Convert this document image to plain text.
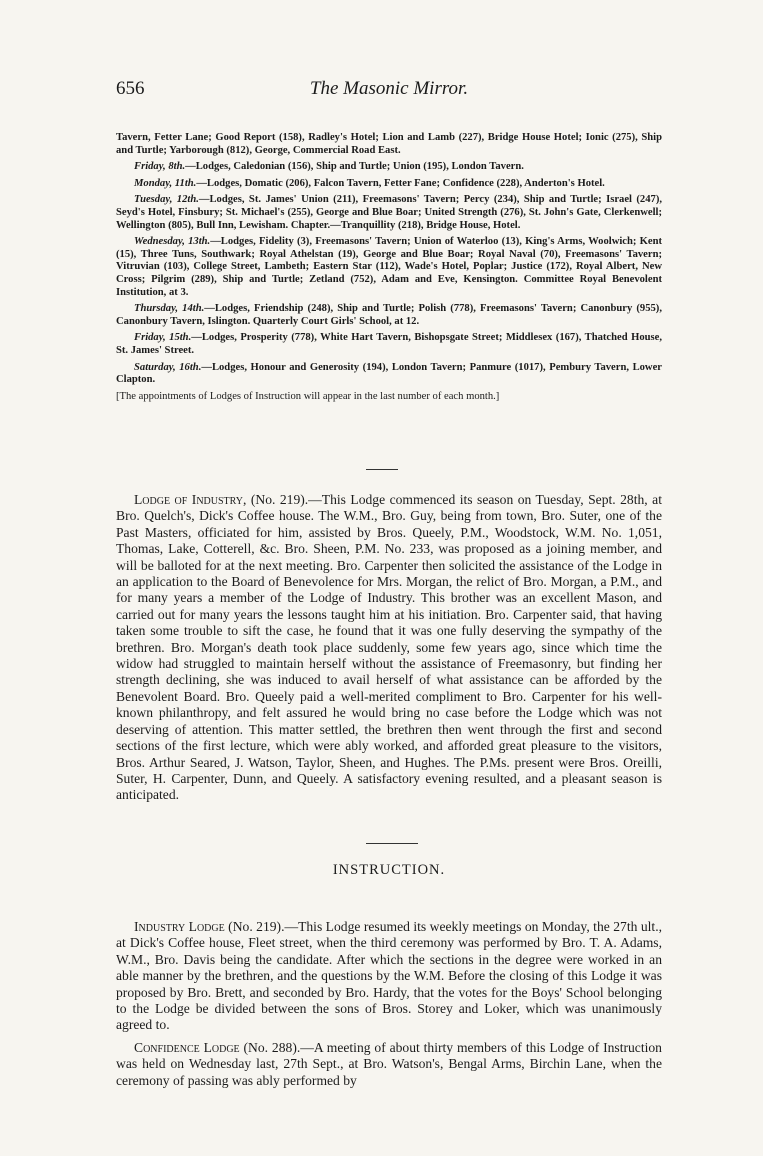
656	The Masonic Mirror.

Tavern, Fetter Lane; Good Report (158), Radley's Hotel; Lion and Lamb (227), Bridge House Hotel; Ionic (275), Ship and Turtle; Yarborough (812), George, Commercial Road East.

Friday, 8th.—Lodges, Caledonian (156), Ship and Turtle; Union (195), London Tavern.

Monday, 11th.—Lodges, Domatic (206), Falcon Tavern, Fetter Fane; Confidence (228), Anderton's Hotel.

Tuesday, 12th.—Lodges, St. James' Union (211), Freemasons' Tavern; Percy (234), Ship and Turtle; Israel (247), Seyd's Hotel, Finsbury; St. Michael's (255), George and Blue Boar; United Strength (276), St. John's Gate, Clerkenwell; Wellington (805), Bull Inn, Lewisham. Chapter.—Tranquillity (218), Bridge House, Hotel.

Wednesday, 13th.—Lodges, Fidelity (3), Freemasons' Tavern; Union of Waterloo (13), King's Arms, Woolwich; Kent (15), Three Tuns, Southwark; Royal Athelstan (19), George and Blue Boar; Royal Naval (70), Freemasons' Tavern; Vitruvian (103), College Street, Lambeth; Eastern Star (112), Wade's Hotel, Poplar; Justice (172), Royal Albert, New Cross; Pilgrim (289), Ship and Turtle; Zetland (752), Adam and Eve, Kensington. Committee Royal Benevolent Institution, at 3.

Thursday, 14th.—Lodges, Friendship (248), Ship and Turtle; Polish (778), Freemasons' Tavern; Canonbury (955), Canonbury Tavern, Islington. Quarterly Court Girls' School, at 12.

Friday, 15th.—Lodges, Prosperity (778), White Hart Tavern, Bishopsgate Street; Middlesex (167), Thatched House, St. James' Street.

Saturday, 16th.—Lodges, Honour and Generosity (194), London Tavern; Panmure (1017), Pembury Tavern, Lower Clapton.

[The appointments of Lodges of Instruction will appear in the last number of each month.]

Lodge of Industry, (No. 219).—This Lodge commenced its season on Tuesday, Sept. 28th, at Bro. Quelch's, Dick's Coffee house. The W.M., Bro. Guy, being from town, Bro. Suter, one of the Past Masters, officiated for him, assisted by Bros. Queely, P.M., Woodstock, W.M. No. 1,051, Thomas, Lake, Cotterell, &c. Bro. Sheen, P.M. No. 233, was proposed as a joining member, and will be balloted for at the next meeting. Bro. Carpenter then solicited the assistance of the Lodge in an application to the Board of Benevolence for Mrs. Morgan, the relict of Bro. Morgan, a P.M., and for many years a member of the Lodge of Industry. This brother was an excellent Mason, and carried out for many years the lessons taught him at his initiation. Bro. Carpenter said, that having taken some trouble to sift the case, he found that it was one fully deserving the sympathy of the brethren. Bro. Morgan's death took place suddenly, some few years ago, since which time the widow had struggled to maintain herself without the assistance of Freemasonry, but finding her strength declining, she was induced to avail herself of what assistance can be afforded by the Benevolent Board. Bro. Queely paid a well-merited compliment to Bro. Carpenter for his well-known philanthropy, and felt assured he would bring no case before the Lodge which was not deserving of attention. This matter settled, the brethren then went through the first and second sections of the first lecture, which were ably worked, and afforded great pleasure to the visitors, Bros. Arthur Seared, J. Watson, Taylor, Sheen, and Hughes. The P.Ms. present were Bros. Oreilli, Suter, H. Carpenter, Dunn, and Queely. A satisfactory evening resulted, and a pleasant season is anticipated.

INSTRUCTION.

Industry Lodge (No. 219).—This Lodge resumed its weekly meetings on Monday, the 27th ult., at Dick's Coffee house, Fleet street, when the third ceremony was performed by Bro. T. A. Adams, W.M., Bro. Davis being the candidate. After which the sections in the degree were worked in an able manner by the brethren, and the questions by the W.M. Before the closing of this Lodge it was proposed by Bro. Brett, and seconded by Bro. Hardy, that the votes for the Boys' School belonging to the Lodge be divided between the sons of Bros. Storey and Loker, which was unanimously agreed to.

Confidence Lodge (No. 288).—A meeting of about thirty members of this Lodge of Instruction was held on Wednesday last, 27th Sept., at Bro. Watson's, Bengal Arms, Birchin Lane, when the ceremony of passing was ably performed by
